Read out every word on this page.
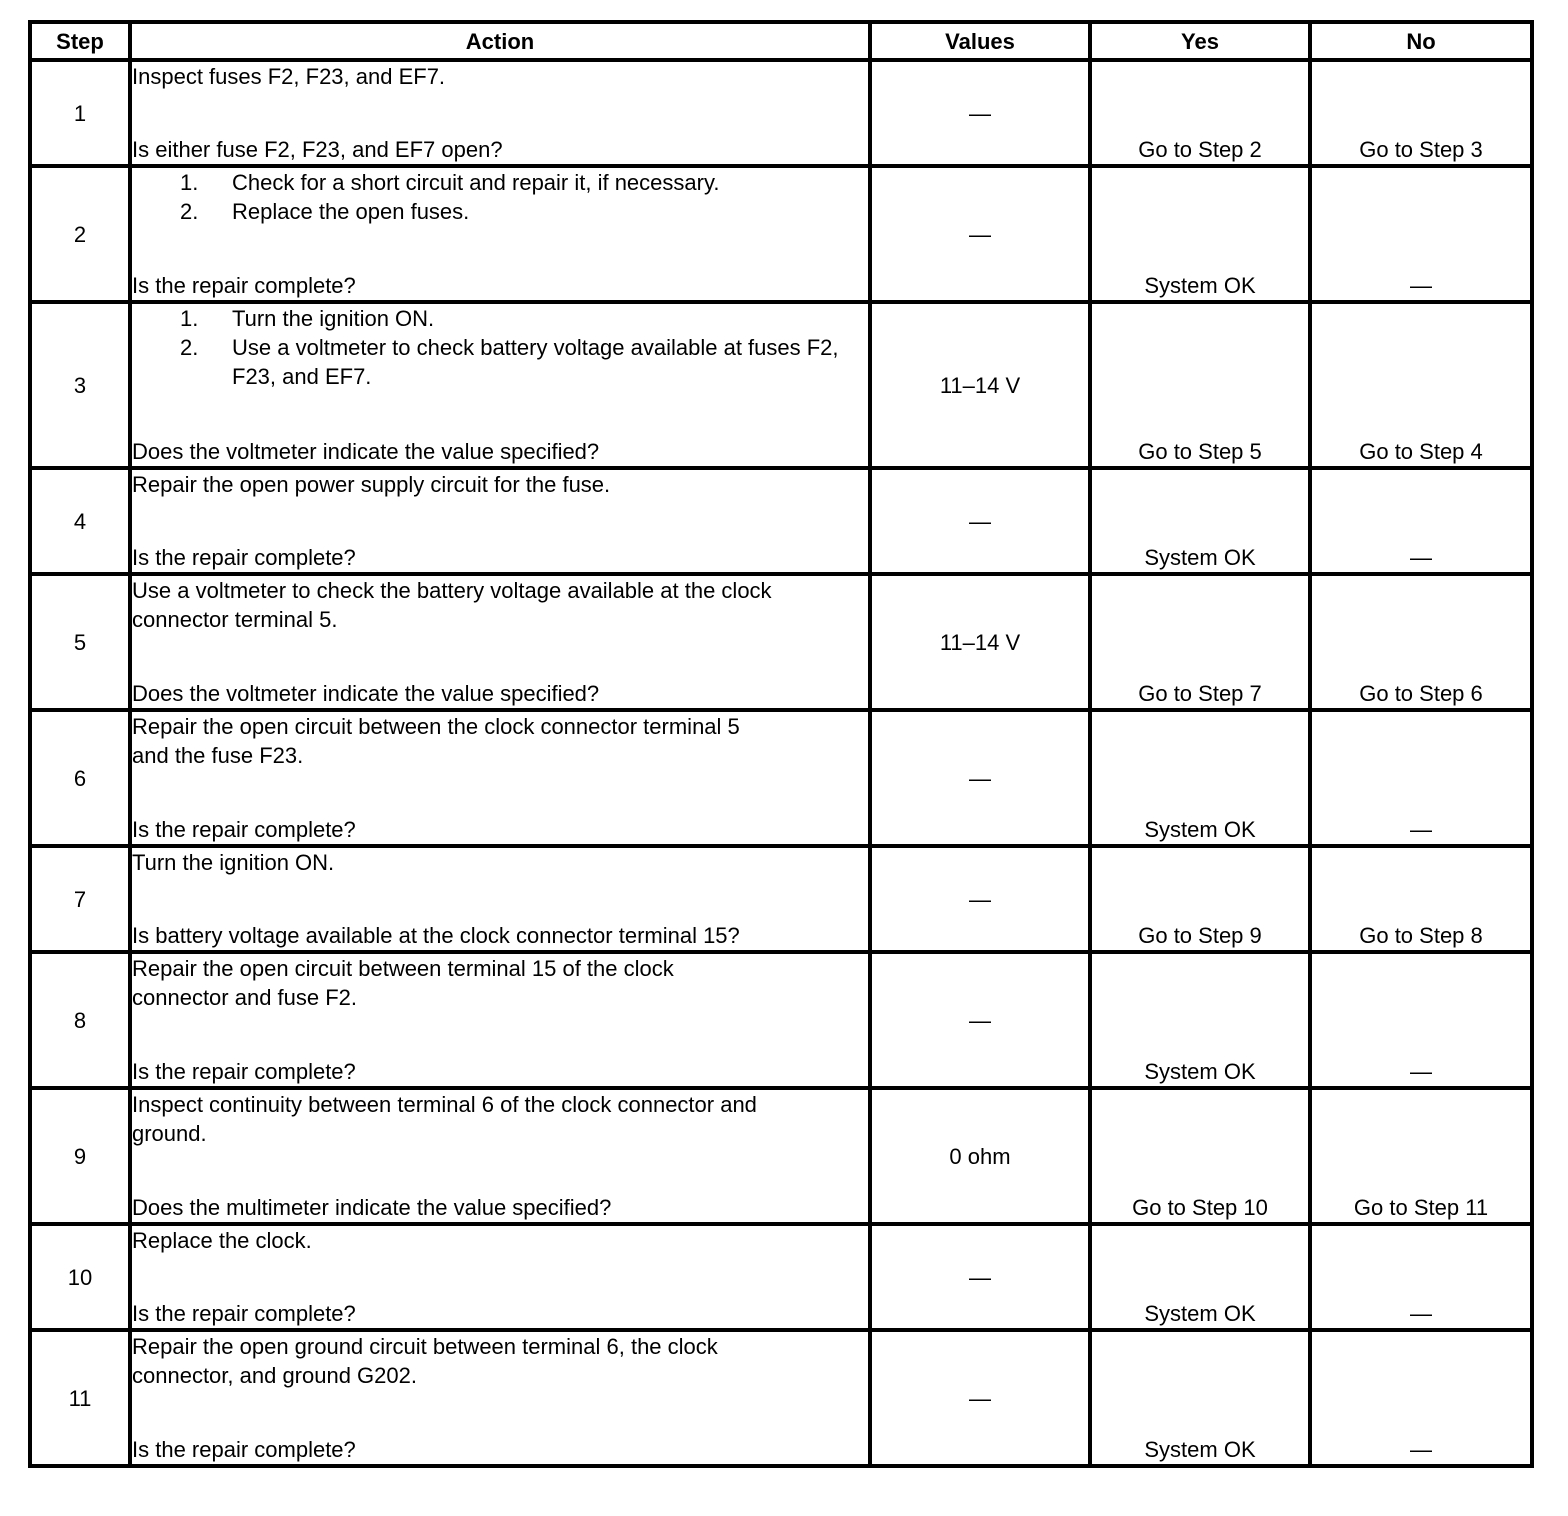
Step	Action	Values	Yes	No
1	Inspect fuses F2, F23, and EF7.
Is either fuse F2, F23, and EF7 open?	—	Go to Step 2	Go to Step 3
2	1. Check for a short circuit and repair it, if necessary.
2. Replace the open fuses.
Is the repair complete?	—	System OK	—
3	1. Turn the ignition ON.
2. Use a voltmeter to check battery voltage available at fuses F2, F23, and EF7.
Does the voltmeter indicate the value specified?	11–14 V	Go to Step 5	Go to Step 4
4	Repair the open power supply circuit for the fuse.
Is the repair complete?	—	System OK	—
5	Use a voltmeter to check the battery voltage available at the clock
connector terminal 5.
Does the voltmeter indicate the value specified?	11–14 V	Go to Step 7	Go to Step 6
6	Repair the open circuit between the clock connector terminal 5
and the fuse F23.
Is the repair complete?	—	System OK	—
7	Turn the ignition ON.
Is battery voltage available at the clock connector terminal 15?	—	Go to Step 9	Go to Step 8
8	Repair the open circuit between terminal 15 of the clock
connector and fuse F2.
Is the repair complete?	—	System OK	—
9	Inspect continuity between terminal 6 of the clock connector and
ground.
Does the multimeter indicate the value specified?	0 ohm	Go to Step 10	Go to Step 11
10	Replace the clock.
Is the repair complete?	—	System OK	—
11	Repair the open ground circuit between terminal 6, the clock
connector, and ground G202.
Is the repair complete?	—	System OK	—
